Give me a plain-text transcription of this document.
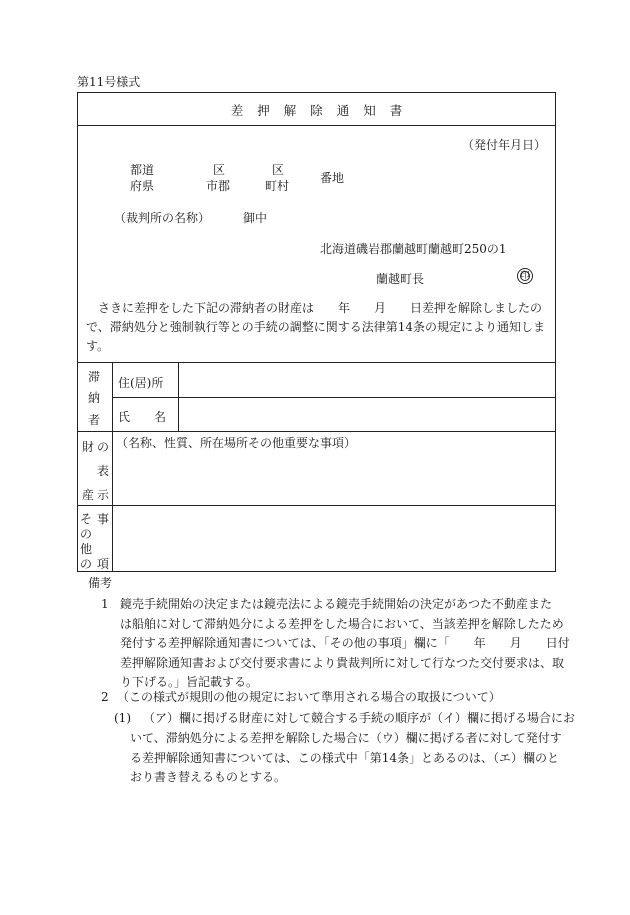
第11号様式
差押解除通知書
（発付年月日）
都道
府県
区
市郡
区
町村
番地
（裁判所の名称）	御中
北海道磯岩郡蘭越町蘭越町250の1
蘭越町長	印

　さきに差押をした下記の滞納者の財産は　　年　　月　　日差押を解除しましたの

で、滞納処分と強制執行等との手続の調整に関する法律第14条の規定により通知しま

す。

滞
納
者
住(居)所
氏　　名
財 の
表
産 示
（名称、性質、所在場所その他重要な事項）
そ
の
他
の
事
項
備考
1 鏡売手続開始の決定または鏡売法による鏡売手続開始の決定があつた不動産また
は船舶に対して滞納処分による差押をした場合において、当該差押を解除したため
発付する差押解除通知書については、「その他の事項」欄に「　　年　　月　　日付
差押解除通知書および交付要求書により貴裁判所に対して行なつた交付要求は、取
り下げる。」旨記載する。
2 （この様式が規則の他の規定において準用される場合の取扱について）
(1) （ア）欄に掲げる財産に対して競合する手続の順序が（イ）欄に掲げる場合にお
いて、滞納処分による差押を解除した場合に（ウ）欄に掲げる者に対して発付す
る差押解除通知書については、この様式中「第14条」とあるのは、（エ）欄のと
おり書き替えるものとする。
